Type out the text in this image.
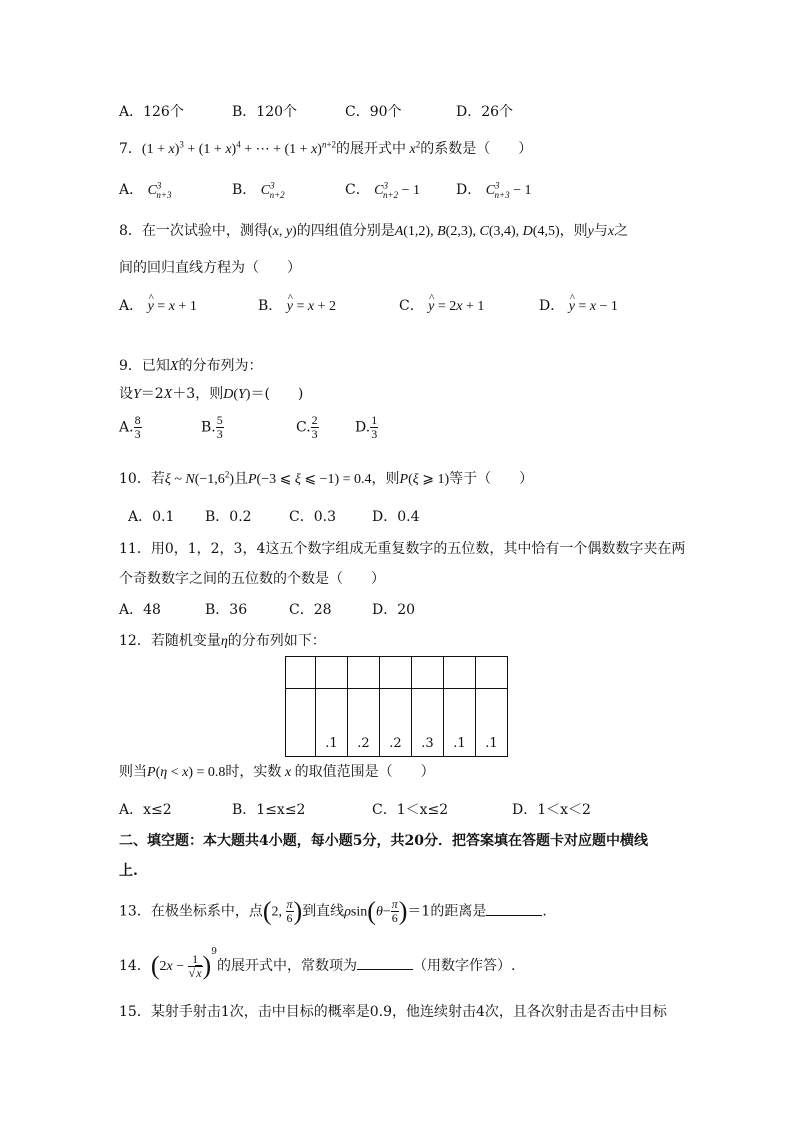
A．126个	B．120个	C．90个	D．26个
7．$(1 + x)^3 + (1 + x)^4$ + ⋯ + $(1 + x)^{n+2}$的展开式中 $x^2$的系数是（　　）
A． $C^3_{n+3}$	B． $C^3_{n+2}$	C． $C^3_{n+2} - 1$	D． $C^3_{n+3} - 1$
8．在一次试验中，测得(x, y)的四组值分别是A(1,2), B(2,3), C(3,4), D(4,5)，则y与x之
间的回归直线方程为（　　）
A． ^ y = x + 1	B． ^ y = x + 2	C． ^ y = 2x + 1	D． ^ y = x − 1
9．已知X的分布列为：
设Y＝2X＋3，则D(Y)＝(　　)
A. $\frac{8}{3}$	B. $\frac{5}{3}$	C. $\frac{2}{3}$	D. $\frac{1}{3}$
10．若ξ ~ $N(-1,6^2)$且P(−3 ⩽ ξ ⩽ −1) = 0.4，则P(ξ ⩾ 1)等于（　　）
A．0.1 B．0.2	C．0.3	D．0.4
11．用0，1，2，3，4这五个数字组成无重复数字的五位数，其中恰有一个偶数数字夹在两
个奇数数字之间的五位数的个数是（　　）
A．48	B．36	C．28	D．20
12．若随机变量η的分布列如下：

	.1	.2	.2	.3	.1	.1
则当P(η < x) = 0.8时，实数 x 的取值范围是（　　）
A．x≤2	B．1≤x≤2	C．1＜x≤2	D．1＜x＜2
二、填空题：本大题共4小题，每小题5分，共20分．把答案填在答题卡对应题中横线
上.
13．在极坐标系中，点(2, $\frac{\pi}{6}$ )到直线$\rho\sin(\theta- \frac{\pi}{6} )=1$的距离是	.
14．$(2x - \frac{1}{√x} )^9$的展开式中，常数项为	（用数字作答）.
15．某射手射击1次，击中目标的概率是0.9，他连续射击4次，且各次射击是否击中目标
